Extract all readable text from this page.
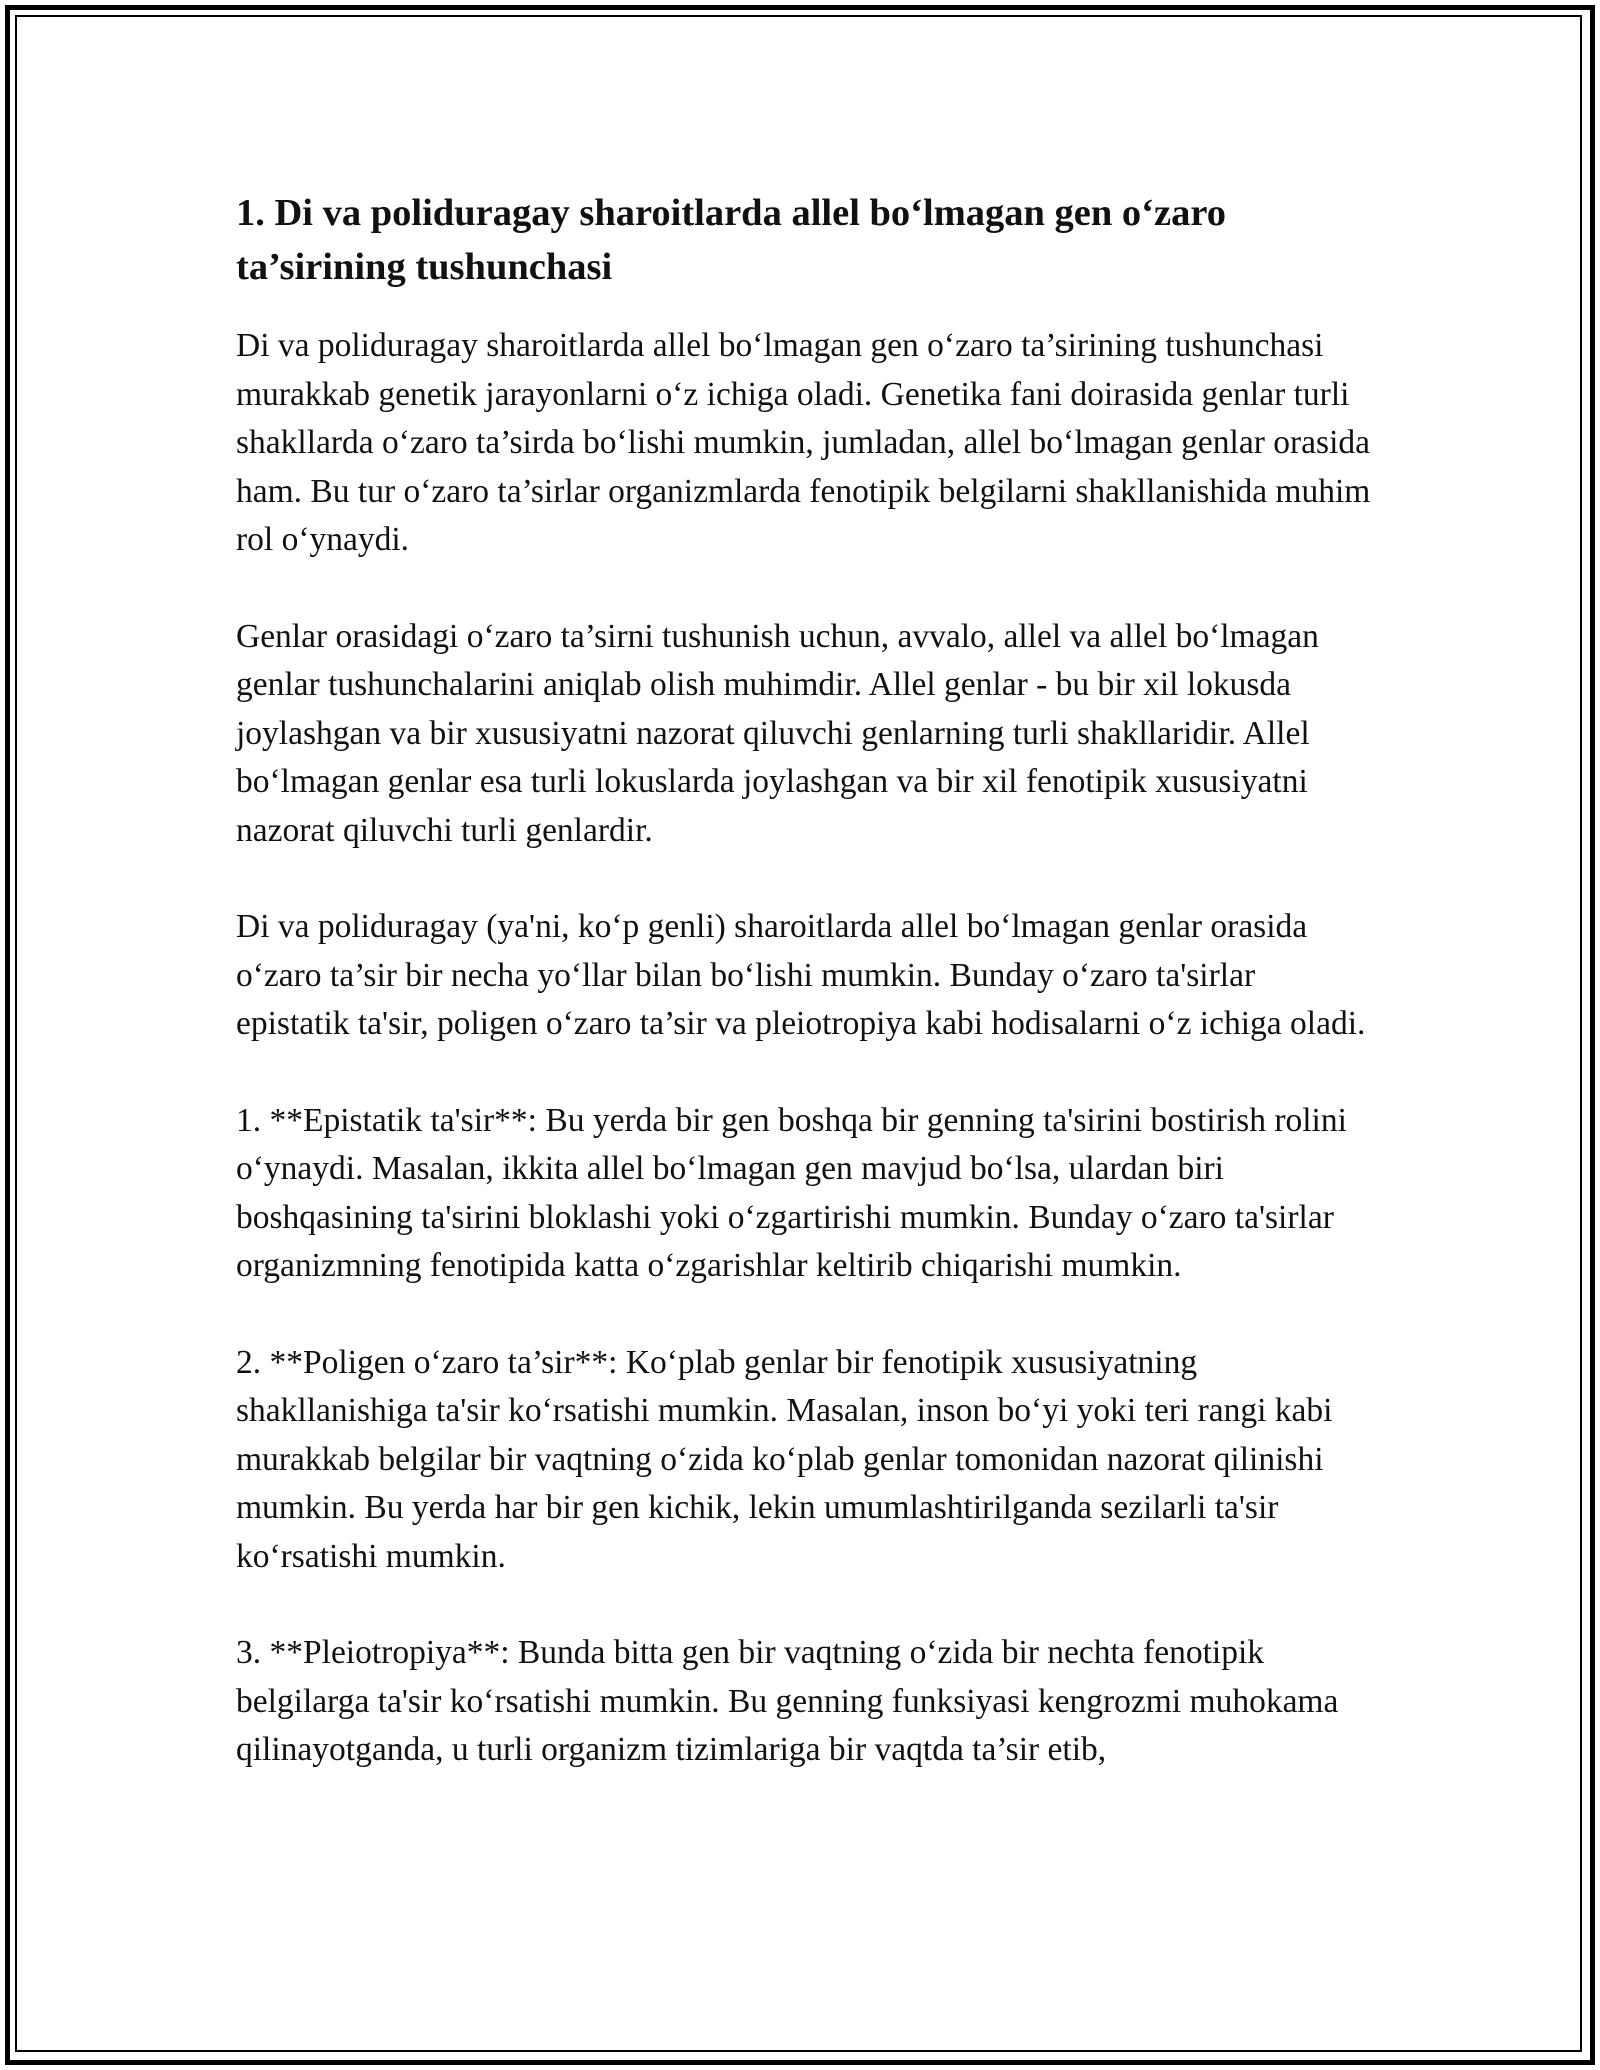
1. Di va poliduragay sharoitlarda allel bo‘lmagan gen o‘zaro ta’sirining tushunchasi

Di va poliduragay sharoitlarda allel bo‘lmagan gen o‘zaro ta’sirining tushunchasi murakkab genetik jarayonlarni o‘z ichiga oladi. Genetika fani doirasida genlar turli shakllarda o‘zaro ta’sirda bo‘lishi mumkin, jumladan, allel bo‘lmagan genlar orasida ham. Bu tur o‘zaro ta’sirlar organizmlarda fenotipik belgilarni shakllanishida muhim rol o‘ynaydi.

Genlar orasidagi o‘zaro ta’sirni tushunish uchun, avvalo, allel va allel bo‘lmagan genlar tushunchalarini aniqlab olish muhimdir. Allel genlar - bu bir xil lokusda joylashgan va bir xususiyatni nazorat qiluvchi genlarning turli shakllaridir. Allel bo‘lmagan genlar esa turli lokuslarda joylashgan va bir xil fenotipik xususiyatni nazorat qiluvchi turli genlardir.

Di va poliduragay (ya'ni, ko‘p genli) sharoitlarda allel bo‘lmagan genlar orasida o‘zaro ta’sir bir necha yo‘llar bilan bo‘lishi mumkin. Bunday o‘zaro ta'sirlar epistatik ta'sir, poligen o‘zaro ta’sir va pleiotropiya kabi hodisalarni o‘z ichiga oladi.

1. **Epistatik ta'sir**: Bu yerda bir gen boshqa bir genning ta'sirini bostirish rolini o‘ynaydi. Masalan, ikkita allel bo‘lmagan gen mavjud bo‘lsa, ulardan biri boshqasining ta'sirini bloklashi yoki o‘zgartirishi mumkin. Bunday o‘zaro ta'sirlar organizmning fenotipida katta o‘zgarishlar keltirib chiqarishi mumkin.

2. **Poligen o‘zaro ta’sir**: Ko‘plab genlar bir fenotipik xususiyatning shakllanishiga ta'sir ko‘rsatishi mumkin. Masalan, inson bo‘yi yoki teri rangi kabi murakkab belgilar bir vaqtning o‘zida ko‘plab genlar tomonidan nazorat qilinishi mumkin. Bu yerda har bir gen kichik, lekin umumlashtirilganda sezilarli ta'sir ko‘rsatishi mumkin.

3. **Pleiotropiya**: Bunda bitta gen bir vaqtning o‘zida bir nechta fenotipik belgilarga ta'sir ko‘rsatishi mumkin. Bu genning funksiyasi kengrozmi muhokama qilinayotganda, u turli organizm tizimlariga bir vaqtda ta’sir etib,
